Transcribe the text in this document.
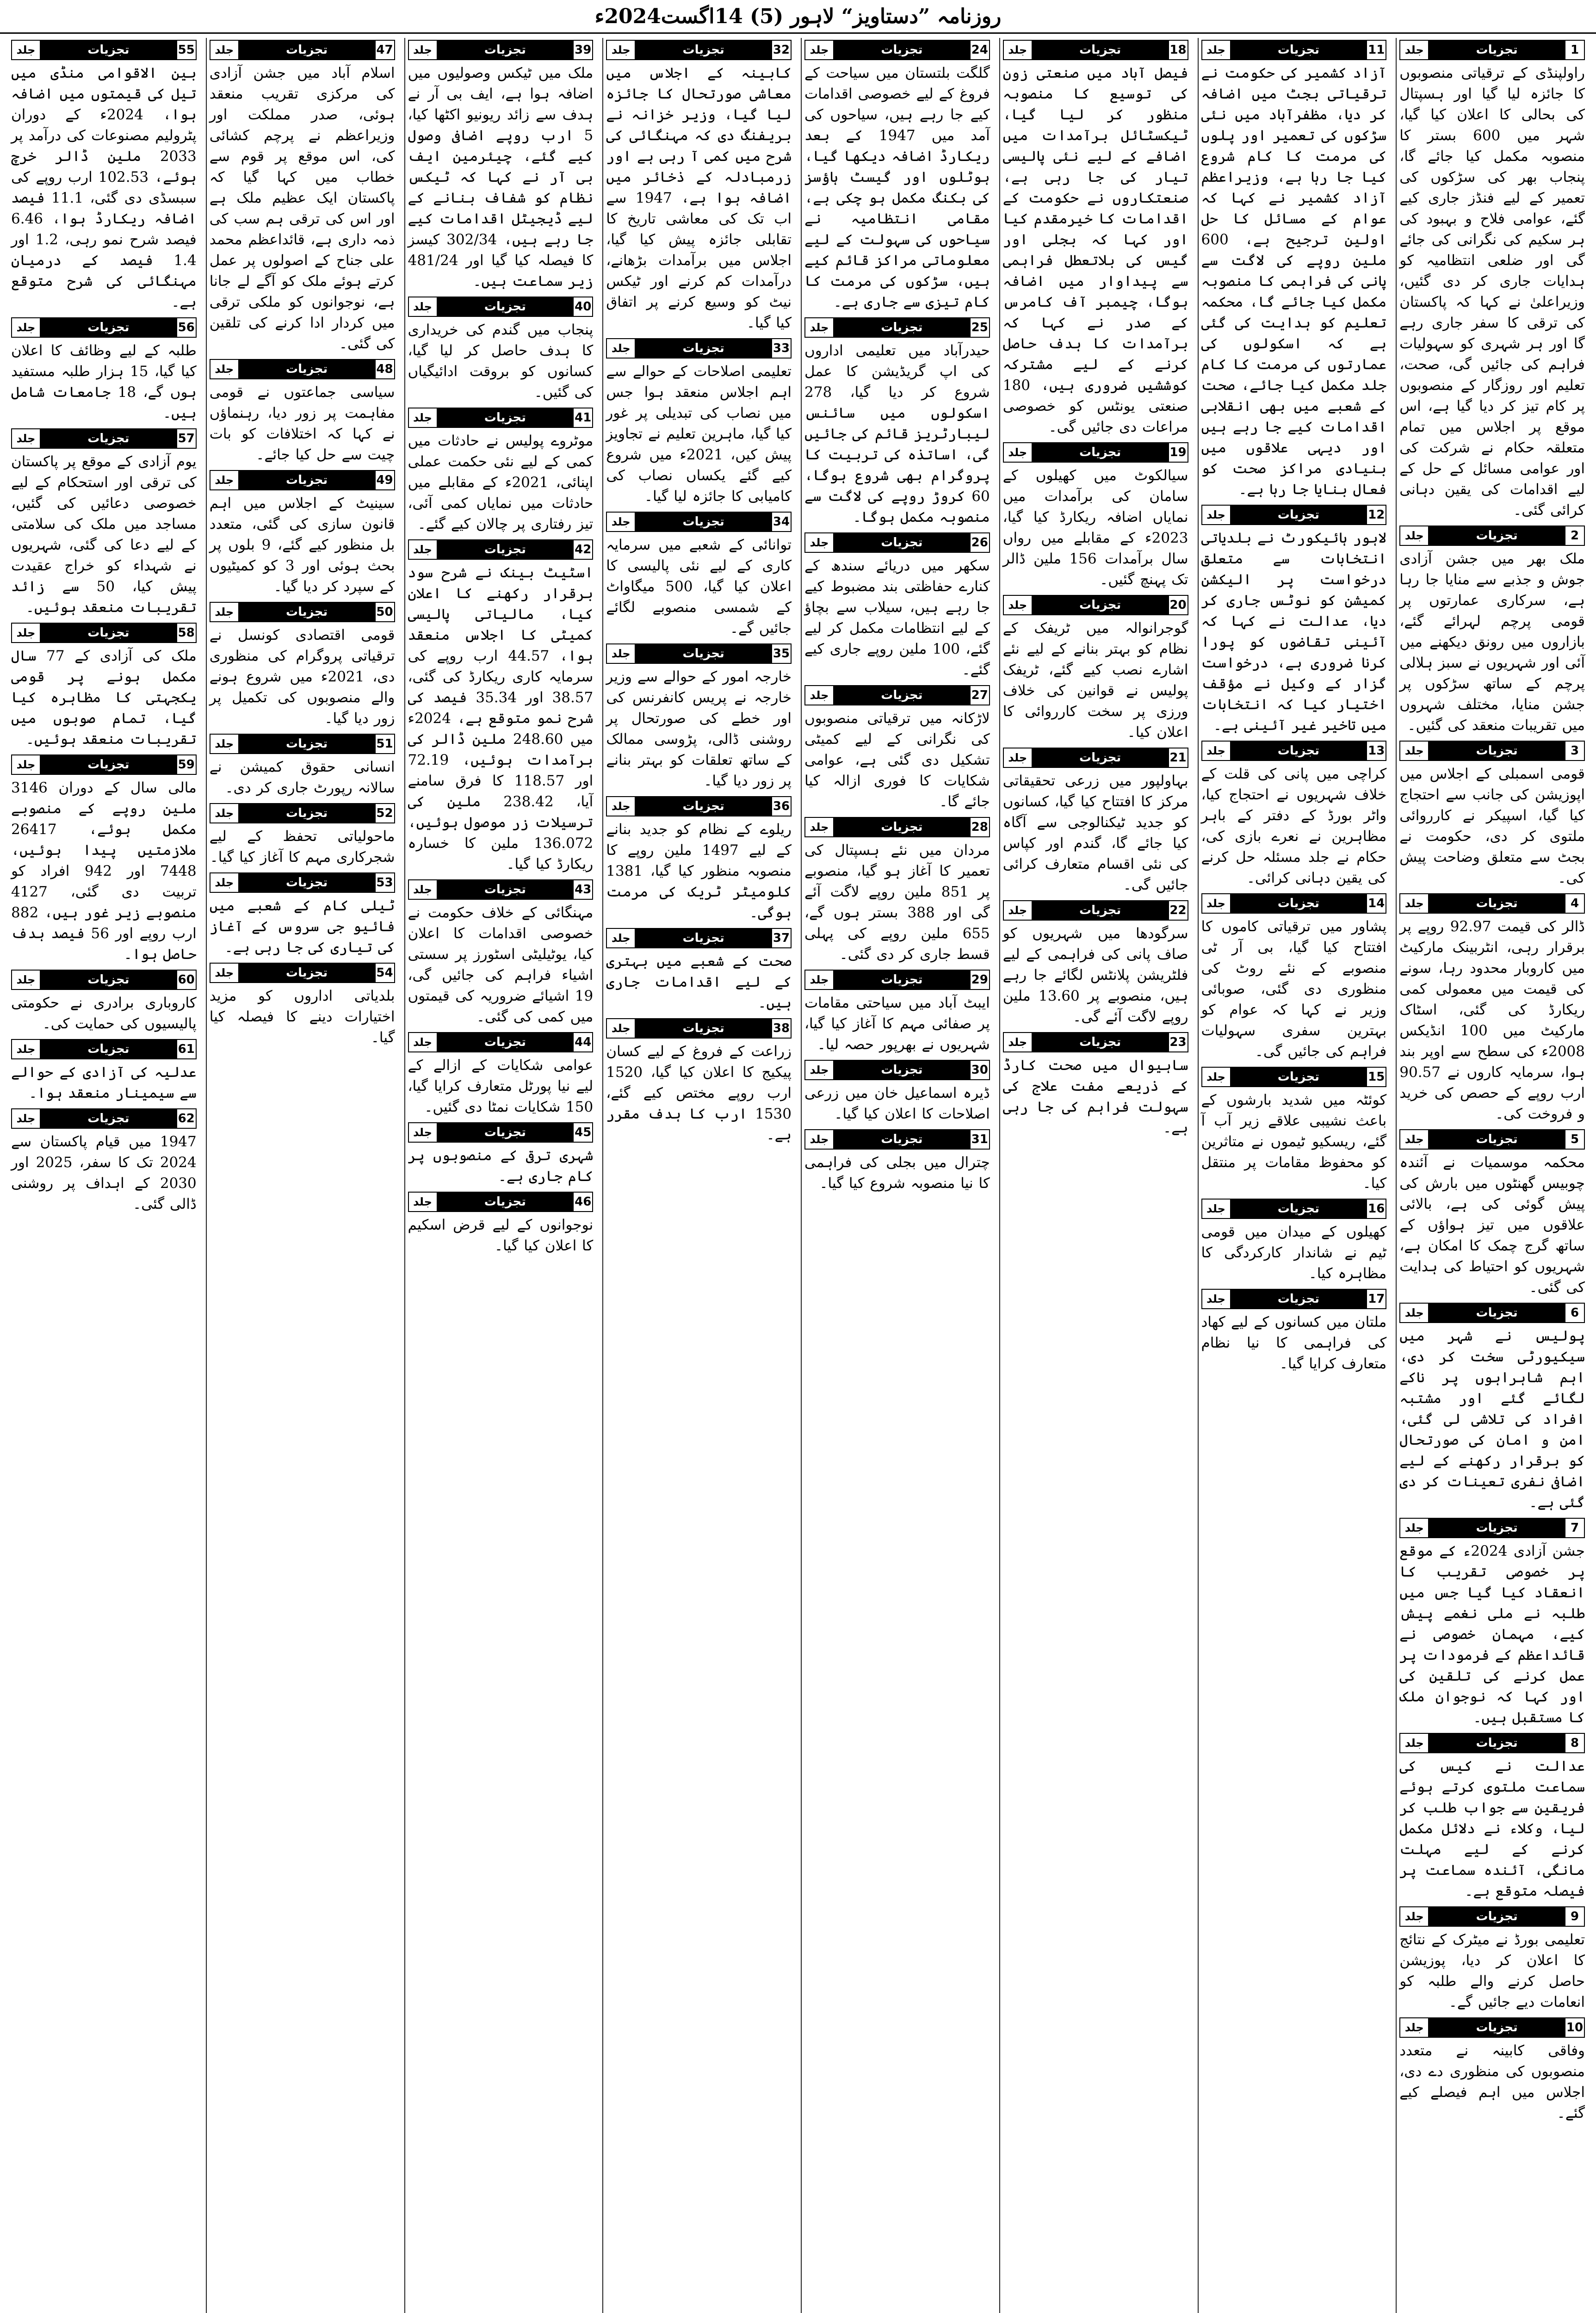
روزنامہ ”دستاویز“ لاہور (5) 14اگست2024ء
1
تجزیات
جلد
راولپنڈی کے ترقیاتی منصوبوں کا جائزہ لیا گیا اور ہسپتال کی بحالی کا اعلان کیا گیا، شہر میں 600 بستر کا منصوبہ مکمل کیا جائے گا، پنجاب بھر کی سڑکوں کی تعمیر کے لیے فنڈز جاری کیے گئے، عوامی فلاح و بہبود کی ہر سکیم کی نگرانی کی جائے گی اور ضلعی انتظامیہ کو ہدایات جاری کر دی گئیں، وزیراعلیٰ نے کہا کہ پاکستان کی ترقی کا سفر جاری رہے گا اور ہر شہری کو سہولیات فراہم کی جائیں گی، صحت، تعلیم اور روزگار کے منصوبوں پر کام تیز کر دیا گیا ہے، اس موقع پر اجلاس میں تمام متعلقہ حکام نے شرکت کی اور عوامی مسائل کے حل کے لیے اقدامات کی یقین دہانی کرائی گئی۔
2
تجزیات
جلد
ملک بھر میں جشن آزادی جوش و جذبے سے منایا جا رہا ہے، سرکاری عمارتوں پر قومی پرچم لہرائے گئے، بازاروں میں رونق دیکھنے میں آئی اور شہریوں نے سبز ہلالی پرچم کے ساتھ سڑکوں پر جشن منایا، مختلف شہروں میں تقریبات منعقد کی گئیں۔
3
تجزیات
جلد
قومی اسمبلی کے اجلاس میں اپوزیشن کی جانب سے احتجاج کیا گیا، اسپیکر نے کارروائی ملتوی کر دی، حکومت نے بجٹ سے متعلق وضاحت پیش کی۔
4
تجزیات
جلد
ڈالر کی قیمت 92.97 روپے پر برقرار رہی، انٹربینک مارکیٹ میں کاروبار محدود رہا، سونے کی قیمت میں معمولی کمی ریکارڈ کی گئی، اسٹاک مارکیٹ میں 100 انڈیکس 2008ء کی سطح سے اوپر بند ہوا، سرمایہ کاروں نے 90.57 ارب روپے کے حصص کی خرید و فروخت کی۔
5
تجزیات
جلد
محکمہ موسمیات نے آئندہ چوبیس گھنٹوں میں بارش کی پیش گوئی کی ہے، بالائی علاقوں میں تیز ہواؤں کے ساتھ گرج چمک کا امکان ہے، شہریوں کو احتیاط کی ہدایت کی گئی۔
6
تجزیات
جلد
پولیس نے شہر میں سیکیورٹی سخت کر دی، اہم شاہراہوں پر ناکے لگائے گئے اور مشتبہ افراد کی تلاشی لی گئی، امن و امان کی صورتحال کو برقرار رکھنے کے لیے اضافی نفری تعینات کر دی گئی ہے۔
7
تجزیات
جلد
جشن آزادی 2024ء کے موقع پر خصوصی تقریب کا انعقاد کیا گیا جس میں طلبہ نے ملی نغمے پیش کیے، مہمان خصوصی نے قائداعظم کے فرمودات پر عمل کرنے کی تلقین کی اور کہا کہ نوجوان ملک کا مستقبل ہیں۔
8
تجزیات
جلد
عدالت نے کیس کی سماعت ملتوی کرتے ہوئے فریقین سے جواب طلب کر لیا، وکلاء نے دلائل مکمل کرنے کے لیے مہلت مانگی، آئندہ سماعت پر فیصلہ متوقع ہے۔
9
تجزیات
جلد
تعلیمی بورڈ نے میٹرک کے نتائج کا اعلان کر دیا، پوزیشن حاصل کرنے والے طلبہ کو انعامات دیے جائیں گے۔
10
تجزیات
جلد
وفاقی کابینہ نے متعدد منصوبوں کی منظوری دے دی، اجلاس میں اہم فیصلے کیے گئے۔
11
تجزیات
جلد
آزاد کشمیر کی حکومت نے ترقیاتی بجٹ میں اضافہ کر دیا، مظفرآباد میں نئی سڑکوں کی تعمیر اور پلوں کی مرمت کا کام شروع کیا جا رہا ہے، وزیراعظم آزاد کشمیر نے کہا کہ عوام کے مسائل کا حل اولین ترجیح ہے، 600 ملین روپے کی لاگت سے پانی کی فراہمی کا منصوبہ مکمل کیا جائے گا، محکمہ تعلیم کو ہدایت کی گئی ہے کہ اسکولوں کی عمارتوں کی مرمت کا کام جلد مکمل کیا جائے، صحت کے شعبے میں بھی انقلابی اقدامات کیے جا رہے ہیں اور دیہی علاقوں میں بنیادی مراکز صحت کو فعال بنایا جا رہا ہے۔
12
تجزیات
جلد
لاہور ہائیکورٹ نے بلدیاتی انتخابات سے متعلق درخواست پر الیکشن کمیشن کو نوٹس جاری کر دیا، عدالت نے کہا کہ آئینی تقاضوں کو پورا کرنا ضروری ہے، درخواست گزار کے وکیل نے مؤقف اختیار کیا کہ انتخابات میں تاخیر غیر آئینی ہے۔
13
تجزیات
جلد
کراچی میں پانی کی قلت کے خلاف شہریوں نے احتجاج کیا، واٹر بورڈ کے دفتر کے باہر مظاہرین نے نعرے بازی کی، حکام نے جلد مسئلہ حل کرنے کی یقین دہانی کرائی۔
14
تجزیات
جلد
پشاور میں ترقیاتی کاموں کا افتتاح کیا گیا، بی آر ٹی منصوبے کے نئے روٹ کی منظوری دی گئی، صوبائی وزیر نے کہا کہ عوام کو بہترین سفری سہولیات فراہم کی جائیں گی۔
15
تجزیات
جلد
کوئٹہ میں شدید بارشوں کے باعث نشیبی علاقے زیر آب آ گئے، ریسکیو ٹیموں نے متاثرین کو محفوظ مقامات پر منتقل کیا۔
16
تجزیات
جلد
کھیلوں کے میدان میں قومی ٹیم نے شاندار کارکردگی کا مظاہرہ کیا۔
17
تجزیات
جلد
ملتان میں کسانوں کے لیے کھاد کی فراہمی کا نیا نظام متعارف کرایا گیا۔
18
تجزیات
جلد
فیصل آباد میں صنعتی زون کی توسیع کا منصوبہ منظور کر لیا گیا، ٹیکسٹائل برآمدات میں اضافے کے لیے نئی پالیسی تیار کی جا رہی ہے، صنعتکاروں نے حکومت کے اقدامات کا خیرمقدم کیا اور کہا کہ بجلی اور گیس کی بلاتعطل فراہمی سے پیداوار میں اضافہ ہوگا، چیمبر آف کامرس کے صدر نے کہا کہ برآمدات کا ہدف حاصل کرنے کے لیے مشترکہ کوششیں ضروری ہیں، 180 صنعتی یونٹس کو خصوصی مراعات دی جائیں گی۔
19
تجزیات
جلد
سیالکوٹ میں کھیلوں کے سامان کی برآمدات میں نمایاں اضافہ ریکارڈ کیا گیا، 2023ء کے مقابلے میں رواں سال برآمدات 156 ملین ڈالر تک پہنچ گئیں۔
20
تجزیات
جلد
گوجرانوالہ میں ٹریفک کے نظام کو بہتر بنانے کے لیے نئے اشارے نصب کیے گئے، ٹریفک پولیس نے قوانین کی خلاف ورزی پر سخت کارروائی کا اعلان کیا۔
21
تجزیات
جلد
بہاولپور میں زرعی تحقیقاتی مرکز کا افتتاح کیا گیا، کسانوں کو جدید ٹیکنالوجی سے آگاہ کیا جائے گا، گندم اور کپاس کی نئی اقسام متعارف کرائی جائیں گی۔
22
تجزیات
جلد
سرگودھا میں شہریوں کو صاف پانی کی فراہمی کے لیے فلٹریشن پلانٹس لگائے جا رہے ہیں، منصوبے پر 13.60 ملین روپے لاگت آئے گی۔
23
تجزیات
جلد
ساہیوال میں صحت کارڈ کے ذریعے مفت علاج کی سہولت فراہم کی جا رہی ہے۔
24
تجزیات
جلد
گلگت بلتستان میں سیاحت کے فروغ کے لیے خصوصی اقدامات کیے جا رہے ہیں، سیاحوں کی آمد میں 1947 کے بعد ریکارڈ اضافہ دیکھا گیا، ہوٹلوں اور گیسٹ ہاؤسز کی بکنگ مکمل ہو چکی ہے، مقامی انتظامیہ نے سیاحوں کی سہولت کے لیے معلوماتی مراکز قائم کیے ہیں، سڑکوں کی مرمت کا کام تیزی سے جاری ہے۔
25
تجزیات
جلد
حیدرآباد میں تعلیمی اداروں کی اپ گریڈیشن کا عمل شروع کر دیا گیا، 278 اسکولوں میں سائنس لیبارٹریز قائم کی جائیں گی، اساتذہ کی تربیت کا پروگرام بھی شروع ہوگا، 60 کروڑ روپے کی لاگت سے منصوبہ مکمل ہوگا۔
26
تجزیات
جلد
سکھر میں دریائے سندھ کے کنارے حفاظتی بند مضبوط کیے جا رہے ہیں، سیلاب سے بچاؤ کے لیے انتظامات مکمل کر لیے گئے، 100 ملین روپے جاری کیے گئے۔
27
تجزیات
جلد
لاڑکانہ میں ترقیاتی منصوبوں کی نگرانی کے لیے کمیٹی تشکیل دی گئی ہے، عوامی شکایات کا فوری ازالہ کیا جائے گا۔
28
تجزیات
جلد
مردان میں نئے ہسپتال کی تعمیر کا آغاز ہو گیا، منصوبے پر 851 ملین روپے لاگت آئے گی اور 388 بستر ہوں گے، 655 ملین روپے کی پہلی قسط جاری کر دی گئی۔
29
تجزیات
جلد
ایبٹ آباد میں سیاحتی مقامات پر صفائی مہم کا آغاز کیا گیا، شہریوں نے بھرپور حصہ لیا۔
30
تجزیات
جلد
ڈیرہ اسماعیل خان میں زرعی اصلاحات کا اعلان کیا گیا۔
31
تجزیات
جلد
چترال میں بجلی کی فراہمی کا نیا منصوبہ شروع کیا گیا۔
32
تجزیات
جلد
کابینہ کے اجلاس میں معاشی صورتحال کا جائزہ لیا گیا، وزیر خزانہ نے بریفنگ دی کہ مہنگائی کی شرح میں کمی آ رہی ہے اور زرمبادلہ کے ذخائر میں اضافہ ہوا ہے، 1947 سے اب تک کی معاشی تاریخ کا تقابلی جائزہ پیش کیا گیا، اجلاس میں برآمدات بڑھانے، درآمدات کم کرنے اور ٹیکس نیٹ کو وسیع کرنے پر اتفاق کیا گیا۔
33
تجزیات
جلد
تعلیمی اصلاحات کے حوالے سے اہم اجلاس منعقد ہوا جس میں نصاب کی تبدیلی پر غور کیا گیا، ماہرین تعلیم نے تجاویز پیش کیں، 2021ء میں شروع کیے گئے یکساں نصاب کی کامیابی کا جائزہ لیا گیا۔
34
تجزیات
جلد
توانائی کے شعبے میں سرمایہ کاری کے لیے نئی پالیسی کا اعلان کیا گیا، 500 میگاواٹ کے شمسی منصوبے لگائے جائیں گے۔
35
تجزیات
جلد
خارجہ امور کے حوالے سے وزیر خارجہ نے پریس کانفرنس کی اور خطے کی صورتحال پر روشنی ڈالی، پڑوسی ممالک کے ساتھ تعلقات کو بہتر بنانے پر زور دیا گیا۔
36
تجزیات
جلد
ریلوے کے نظام کو جدید بنانے کے لیے 1497 ملین روپے کا منصوبہ منظور کیا گیا، 1381 کلومیٹر ٹریک کی مرمت ہوگی۔
37
تجزیات
جلد
صحت کے شعبے میں بہتری کے لیے اقدامات جاری ہیں۔
38
تجزیات
جلد
زراعت کے فروغ کے لیے کسان پیکیج کا اعلان کیا گیا، 1520 ارب روپے مختص کیے گئے، 1530 ارب کا ہدف مقرر ہے۔
39
تجزیات
جلد
ملک میں ٹیکس وصولیوں میں اضافہ ہوا ہے، ایف بی آر نے ہدف سے زائد ریونیو اکٹھا کیا، 5 ارب روپے اضافی وصول کیے گئے، چیئرمین ایف بی آر نے کہا کہ ٹیکس نظام کو شفاف بنانے کے لیے ڈیجیٹل اقدامات کیے جا رہے ہیں، 302/34 کیسز کا فیصلہ کیا گیا اور 481/24 زیر سماعت ہیں۔
40
تجزیات
جلد
پنجاب میں گندم کی خریداری کا ہدف حاصل کر لیا گیا، کسانوں کو بروقت ادائیگیاں کی گئیں۔
41
تجزیات
جلد
موٹروے پولیس نے حادثات میں کمی کے لیے نئی حکمت عملی اپنائی، 2021ء کے مقابلے میں حادثات میں نمایاں کمی آئی، تیز رفتاری پر چالان کیے گئے۔
42
تجزیات
جلد
اسٹیٹ بینک نے شرح سود برقرار رکھنے کا اعلان کیا، مالیاتی پالیسی کمیٹی کا اجلاس منعقد ہوا، 44.57 ارب روپے کی سرمایہ کاری ریکارڈ کی گئی، 38.57 اور 35.34 فیصد کی شرح نمو متوقع ہے، 2024ء میں 248.60 ملین ڈالر کی برآمدات ہوئیں، 72.19 اور 118.57 کا فرق سامنے آیا، 238.42 ملین کی ترسیلات زر موصول ہوئیں، 136.072 ملین کا خسارہ ریکارڈ کیا گیا۔
43
تجزیات
جلد
مہنگائی کے خلاف حکومت نے خصوصی اقدامات کا اعلان کیا، یوٹیلیٹی اسٹورز پر سستی اشیاء فراہم کی جائیں گی، 19 اشیائے ضروریہ کی قیمتوں میں کمی کی گئی۔
44
تجزیات
جلد
عوامی شکایات کے ازالے کے لیے نیا پورٹل متعارف کرایا گیا، 150 شکایات نمٹا دی گئیں۔
45
تجزیات
جلد
شہری ترقی کے منصوبوں پر کام جاری ہے۔
46
تجزیات
جلد
نوجوانوں کے لیے قرض اسکیم کا اعلان کیا گیا۔
47
تجزیات
جلد
اسلام آباد میں جشن آزادی کی مرکزی تقریب منعقد ہوئی، صدر مملکت اور وزیراعظم نے پرچم کشائی کی، اس موقع پر قوم سے خطاب میں کہا گیا کہ پاکستان ایک عظیم ملک ہے اور اس کی ترقی ہم سب کی ذمہ داری ہے، قائداعظم محمد علی جناح کے اصولوں پر عمل کرتے ہوئے ملک کو آگے لے جانا ہے، نوجوانوں کو ملکی ترقی میں کردار ادا کرنے کی تلقین کی گئی۔
48
تجزیات
جلد
سیاسی جماعتوں نے قومی مفاہمت پر زور دیا، رہنماؤں نے کہا کہ اختلافات کو بات چیت سے حل کیا جائے۔
49
تجزیات
جلد
سینیٹ کے اجلاس میں اہم قانون سازی کی گئی، متعدد بل منظور کیے گئے، 9 بلوں پر بحث ہوئی اور 3 کو کمیٹیوں کے سپرد کر دیا گیا۔
50
تجزیات
جلد
قومی اقتصادی کونسل نے ترقیاتی پروگرام کی منظوری دی، 2021ء میں شروع ہونے والے منصوبوں کی تکمیل پر زور دیا گیا۔
51
تجزیات
جلد
انسانی حقوق کمیشن نے سالانہ رپورٹ جاری کر دی۔
52
تجزیات
جلد
ماحولیاتی تحفظ کے لیے شجرکاری مہم کا آغاز کیا گیا۔
53
تجزیات
جلد
ٹیلی کام کے شعبے میں فائیو جی سروس کے آغاز کی تیاری کی جا رہی ہے۔
54
تجزیات
جلد
بلدیاتی اداروں کو مزید اختیارات دینے کا فیصلہ کیا گیا۔
55
تجزیات
جلد
بین الاقوامی منڈی میں تیل کی قیمتوں میں اضافہ ہوا، 2024ء کے دوران پٹرولیم مصنوعات کی درآمد پر 2033 ملین ڈالر خرچ ہوئے، 102.53 ارب روپے کی سبسڈی دی گئی، 11.1 فیصد اضافہ ریکارڈ ہوا، 6.46 فیصد شرح نمو رہی، 1.2 اور 1.4 فیصد کے درمیان مہنگائی کی شرح متوقع ہے۔
56
تجزیات
جلد
طلبہ کے لیے وظائف کا اعلان کیا گیا، 15 ہزار طلبہ مستفید ہوں گے، 18 جامعات شامل ہیں۔
57
تجزیات
جلد
یوم آزادی کے موقع پر پاکستان کی ترقی اور استحکام کے لیے خصوصی دعائیں کی گئیں، مساجد میں ملک کی سلامتی کے لیے دعا کی گئی، شہریوں نے شہداء کو خراج عقیدت پیش کیا، 50 سے زائد تقریبات منعقد ہوئیں۔
58
تجزیات
جلد
ملک کی آزادی کے 77 سال مکمل ہونے پر قومی یکجہتی کا مظاہرہ کیا گیا، تمام صوبوں میں تقریبات منعقد ہوئیں۔
59
تجزیات
جلد
مالی سال کے دوران 3146 ملین روپے کے منصوبے مکمل ہوئے، 26417 ملازمتیں پیدا ہوئیں، 7448 اور 942 افراد کو تربیت دی گئی، 4127 منصوبے زیر غور ہیں، 882 ارب روپے اور 56 فیصد ہدف حاصل ہوا۔
60
تجزیات
جلد
کاروباری برادری نے حکومتی پالیسیوں کی حمایت کی۔
61
تجزیات
جلد
عدلیہ کی آزادی کے حوالے سے سیمینار منعقد ہوا۔
62
تجزیات
جلد
1947 میں قیام پاکستان سے 2024 تک کا سفر، 2025 اور 2030 کے اہداف پر روشنی ڈالی گئی۔
